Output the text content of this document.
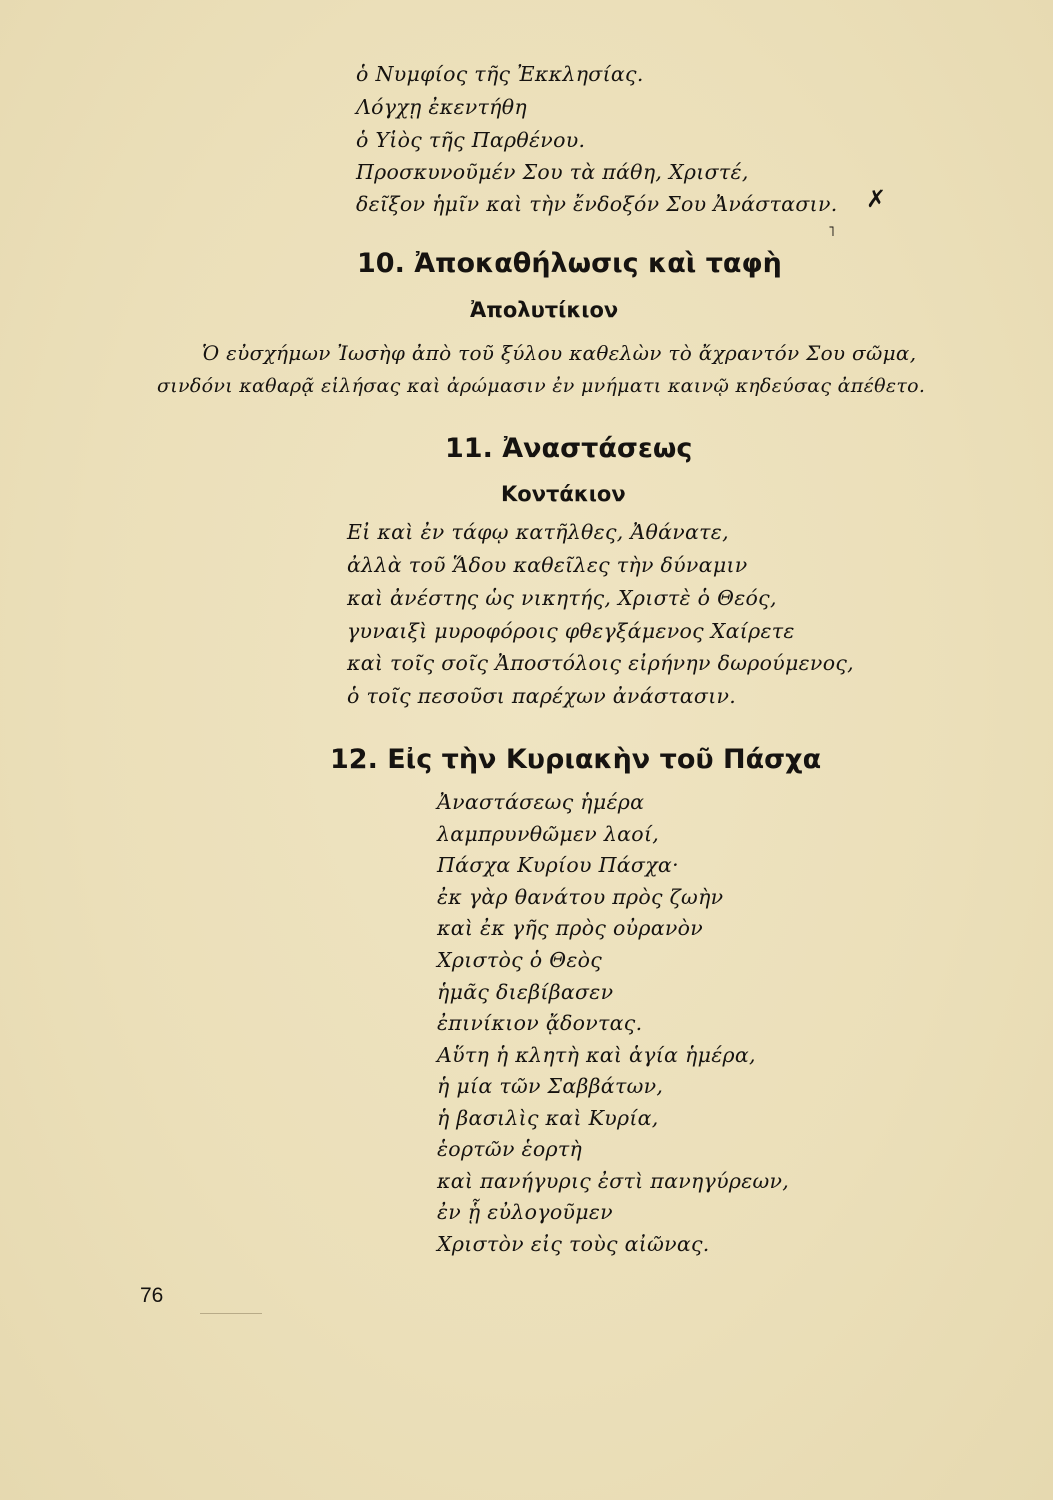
ὁ Νυμφίος τῆς Ἐκκλησίας.
Λόγχῃ ἐκεντήθη
ὁ Υἱὸς τῆς Παρθένου.
Προσκυνοῦμέν Σου τὰ πάθη, Χριστέ,
δεῖξον ἡμῖν καὶ τὴν ἔνδοξόν Σου Ἀνάστασιν. ✗
˥
10. Ἀποκαθήλωσις καὶ ταφὴ
Ἀπολυτίκιον
Ὁ εὐσχήμων Ἰωσὴφ ἀπὸ τοῦ ξύλου καθελὼν τὸ ἄχραντόν Σου σῶμα,
σινδόνι καθαρᾷ εἱλήσας καὶ ἀρώμασιν ἐν μνήματι καινῷ κηδεύσας ἀπέθετο.
11. Ἀναστάσεως
Κοντάκιον
Εἰ καὶ ἐν τάφῳ κατῆλθες, Ἀθάνατε,
ἀλλὰ τοῦ Ἅδου καθεῖλες τὴν δύναμιν
καὶ ἀνέστης ὡς νικητής, Χριστὲ ὁ Θεός,
γυναιξὶ μυροφόροις φθεγξάμενος Χαίρετε
καὶ τοῖς σοῖς Ἀποστόλοις εἰρήνην δωρούμενος,
ὁ τοῖς πεσοῦσι παρέχων ἀνάστασιν.
12. Εἰς τὴν Κυριακὴν τοῦ Πάσχα
Ἀναστάσεως ἡμέρα
λαμπρυνθῶμεν λαοί,
Πάσχα Κυρίου Πάσχα·
ἐκ γὰρ θανάτου πρὸς ζωὴν
καὶ ἐκ γῆς πρὸς οὐρανὸν
Χριστὸς ὁ Θεὸς
ἡμᾶς διεβίβασεν
ἐπινίκιον ᾄδοντας.
Αὕτη ἡ κλητὴ καὶ ἁγία ἡμέρα,
ἡ μία τῶν Σαββάτων,
ἡ βασιλὶς καὶ Κυρία,
ἑορτῶν ἑορτὴ
καὶ πανήγυρις ἐστὶ πανηγύρεων,
ἐν ᾗ εὐλογοῦμεν
Χριστὸν εἰς τοὺς αἰῶνας.
76
